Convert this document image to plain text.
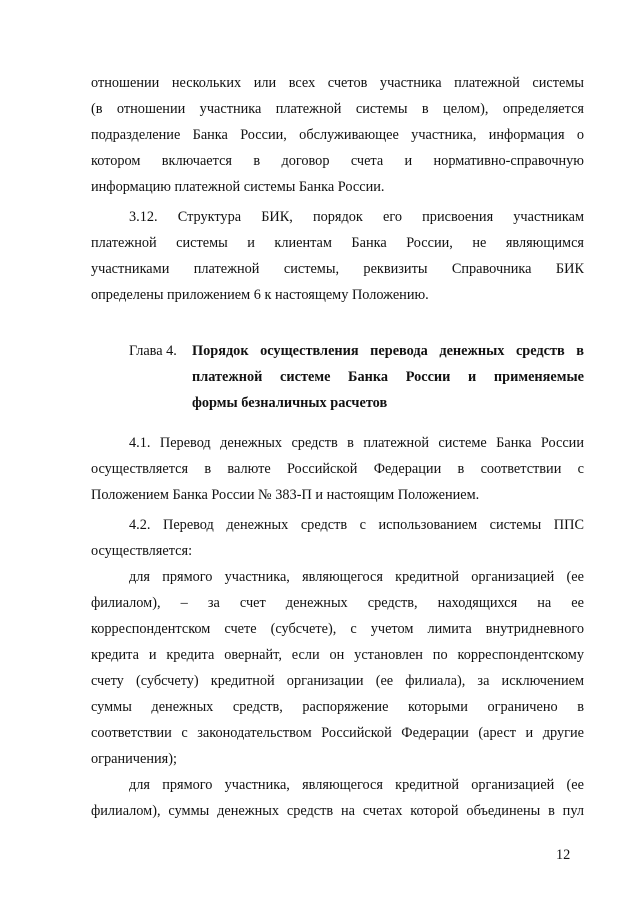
отношении нескольких или всех счетов участника платежной системы
(в отношении участника платежной системы в целом), определяется
подразделение Банка России, обслуживающее участника, информация о
котором включается в договор счета и нормативно-справочную
информацию платежной системы Банка России.
3.12. Структура БИК, порядок его присвоения участникам
платежной системы и клиентам Банка России, не являющимся
участниками платежной системы, реквизиты Справочника БИК
определены приложением 6 к настоящему Положению.
Глава 4. Порядок осуществления перевода денежных средств в
платежной системе Банка России и применяемые
формы безналичных расчетов
4.1. Перевод денежных средств в платежной системе Банка России
осуществляется в валюте Российской Федерации в соответствии с
Положением Банка России № 383-П и настоящим Положением.
4.2. Перевод денежных средств с использованием системы ППС
осуществляется:
для прямого участника, являющегося кредитной организацией (ее
филиалом), – за счет денежных средств, находящихся на ее
корреспондентском счете (субсчете), с учетом лимита внутридневного
кредита и кредита овернайт, если он установлен по корреспондентскому
счету (субсчету) кредитной организации (ее филиала), за исключением
суммы денежных средств, распоряжение которыми ограничено в
соответствии с законодательством Российской Федерации (арест и другие
ограничения);
для прямого участника, являющегося кредитной организацией (ее
филиалом), суммы денежных средств на счетах которой объединены в пул
12
